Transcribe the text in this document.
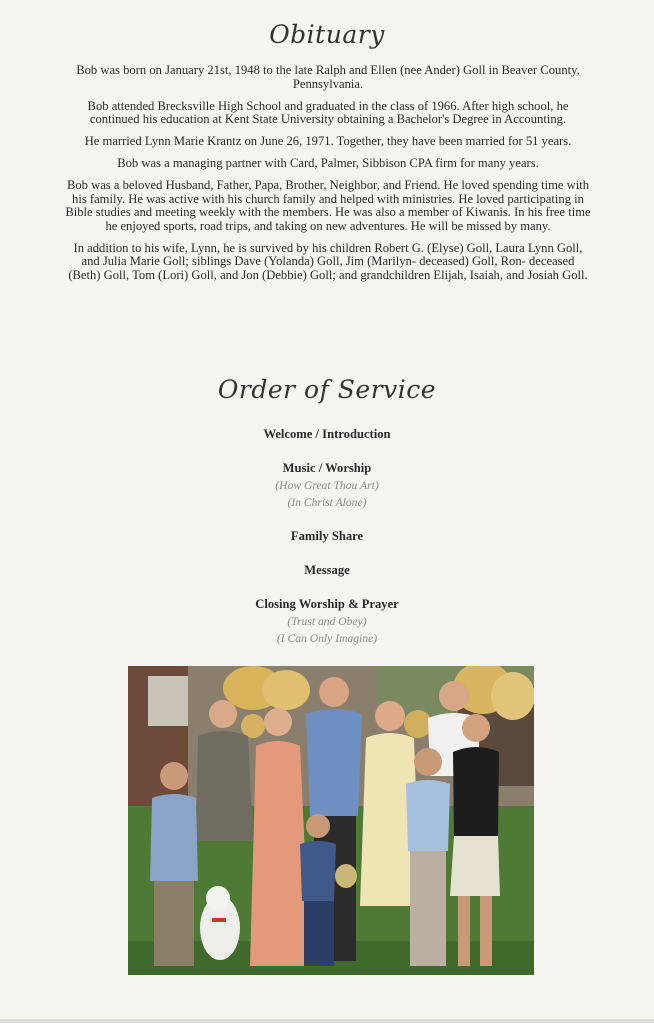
Obituary

Bob was born on January 21st, 1948 to the late Ralph and Ellen (nee Ander) Goll in Beaver County, Pennsylvania.

Bob attended Brecksville High School and graduated in the class of 1966. After high school, he continued his education at Kent State University obtaining a Bachelor's Degree in Accounting.

He married Lynn Marie Krantz on June 26, 1971. Together, they have been married for 51 years.

Bob was a managing partner with Card, Palmer, Sibbison CPA firm for many years.

Bob was a beloved Husband, Father, Papa, Brother, Neighbor, and Friend. He loved spending time with his family. He was active with his church family and helped with ministries. He loved participating in Bible studies and meeting weekly with the members. He was also a member of Kiwanis. In his free time he enjoyed sports, road trips, and taking on new adventures. He will be missed by many.

In addition to his wife, Lynn, he is survived by his children Robert G. (Elyse) Goll, Laura Lynn Goll, and Julia Marie Goll; siblings Dave (Yolanda) Goll, Jim (Marilyn- deceased) Goll, Ron- deceased (Beth) Goll, Tom (Lori) Goll, and Jon (Debbie) Goll; and grandchildren Elijah, Isaiah, and Josiah Goll.

Order of Service
Welcome / Introduction
Music / Worship
(How Great Thou Art)
(In Christ Alone)
Family Share
Message
Closing Worship & Prayer
(Trust and Obey)
(I Can Only Imagine)
